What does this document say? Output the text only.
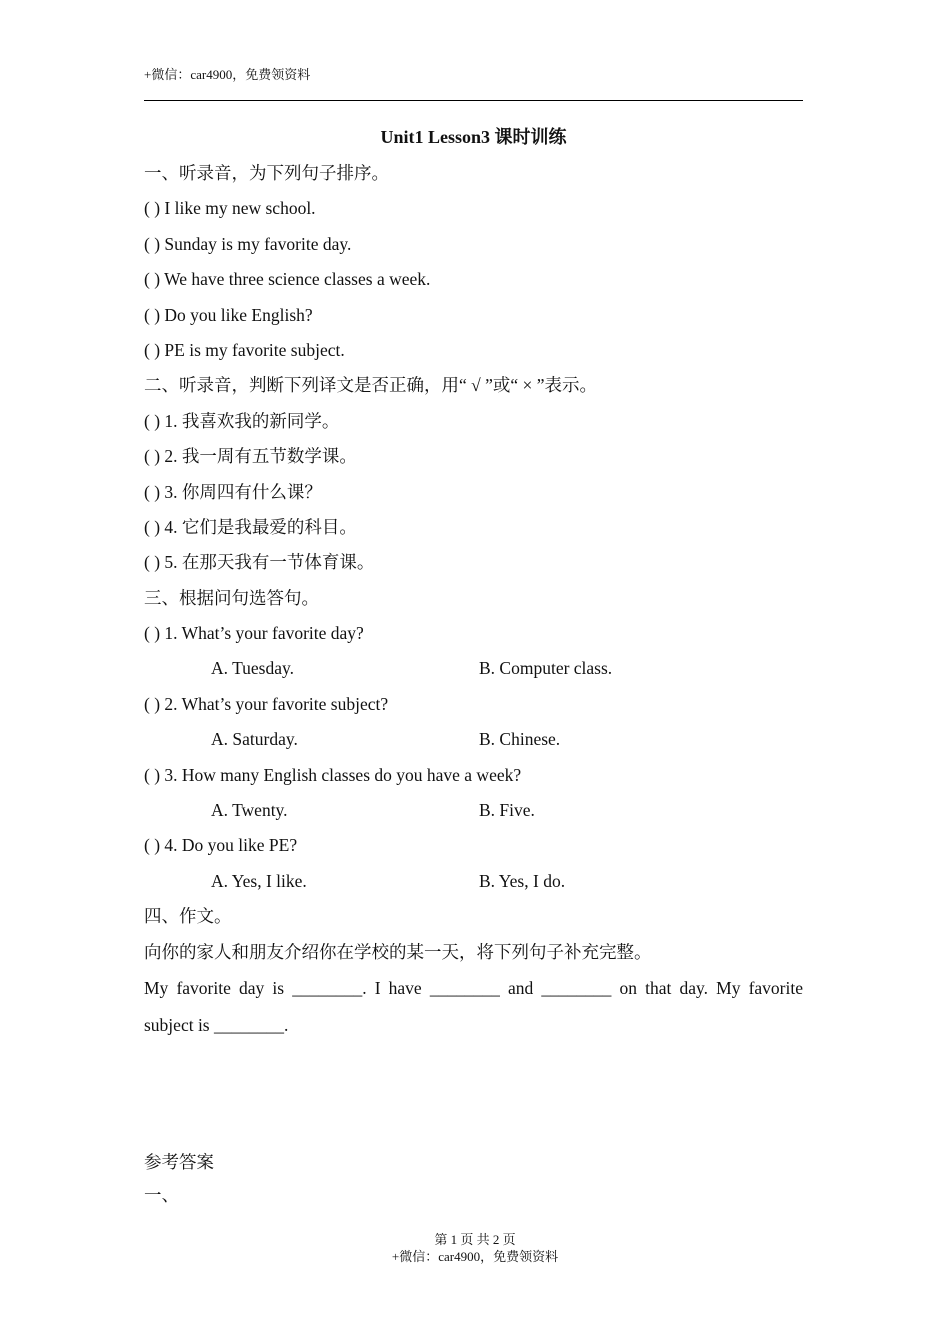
+微信：car4900，免费领资料
Unit1 Lesson3 课时训练
一、听录音，为下列句子排序。
( ) I like my new school.
( ) Sunday is my favorite day.
( ) We have three science classes a week.
( ) Do you like English?
( ) PE is my favorite subject.
二、听录音，判断下列译文是否正确，用“ √ ”或“ × ”表示。
( ) 1. 我喜欢我的新同学。
( ) 2. 我一周有五节数学课。
( ) 3. 你周四有什么课？
( ) 4. 它们是我最爱的科目。
( ) 5. 在那天我有一节体育课。
三、根据问句选答句。
( ) 1. What’s your favorite day?
A. Tuesday.	B. Computer class.
( ) 2. What’s your favorite subject?
A. Saturday.	B. Chinese.
( ) 3. How many English classes do you have a week?
A. Twenty.	B. Five.
( ) 4. Do you like PE?
A. Yes, I like.	B. Yes, I do.
四、作文。
向你的家人和朋友介绍你在学校的某一天，将下列句子补充完整。
My favorite day is ________. I have ________ and ________ on that day. My favorite subject is ________.
参考答案
一、
第 1 页 共 2 页
+微信：car4900，免费领资料
